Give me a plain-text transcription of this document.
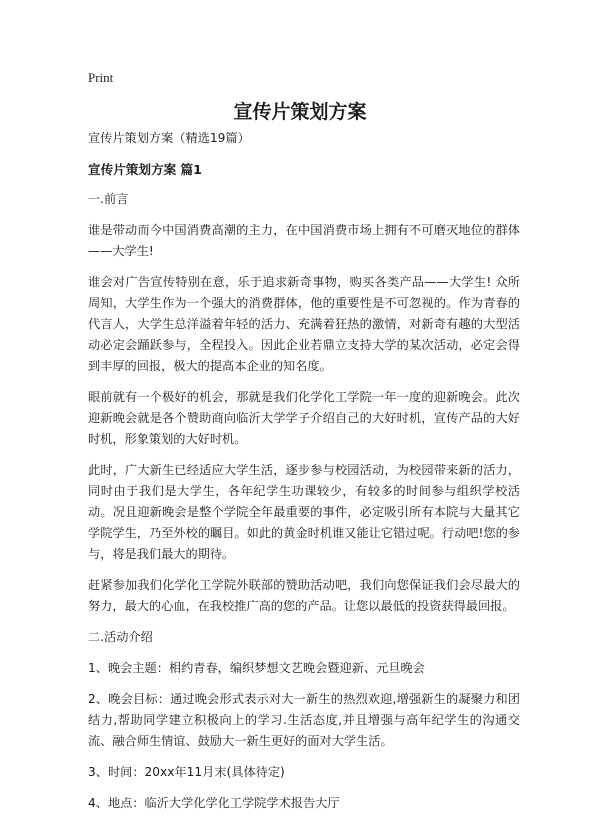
Print
宣传片策划方案

宣传片策划方案（精选19篇）

宣传片策划方案 篇1

一.前言

谁是带动而今中国消费高潮的主力，在中国消费市场上拥有不可磨灭地位的群体——大学生!

谁会对广告宣传特别在意，乐于追求新奇事物，购买各类产品——大学生! 众所周知，大学生作为一个强大的消费群体，他的重要性是不可忽视的。作为青春的代言人，大学生总洋溢着年轻的活力、充满着狂热的激情，对新奇有趣的大型活动必定会踊跃参与，全程投入。因此企业若鼎立支持大学的某次活动，必定会得到丰厚的回报，极大的提高本企业的知名度。

眼前就有一个极好的机会，那就是我们化学化工学院一年一度的迎新晚会。此次迎新晚会就是各个赞助商向临沂大学学子介绍自己的大好时机，宣传产品的大好时机，形象策划的大好时机。

此时，广大新生已经适应大学生活，逐步参与校园活动，为校园带来新的活力，同时由于我们是大学生，各年纪学生功课较少，有较多的时间参与组织学校活动。况且迎新晚会是整个学院全年最重要的事件，必定吸引所有本院与大量其它学院学生，乃至外校的瞩目。如此的黄金时机谁又能让它错过呢。行动吧!您的参与，将是我们最大的期待。

赶紧参加我们化学化工学院外联部的赞助活动吧，我们向您保证我们会尽最大的努力，最大的心血，在我校推广高的您的产品。让您以最低的投资获得最回报。

二.活动介绍

1、晚会主题：相约青春，编织梦想文艺晚会暨迎新、元旦晚会

2、晚会目标：通过晚会形式表示对大一新生的热烈欢迎,增强新生的凝聚力和团结力,帮助同学建立积极向上的学习.生活态度,并且增强与高年纪学生的沟通交流、融合师生情谊、鼓励大一新生更好的面对大学生活。

3、时间：20xx年11月末(具体待定)

4、地点：临沂大学化学化工学院学术报告大厅
